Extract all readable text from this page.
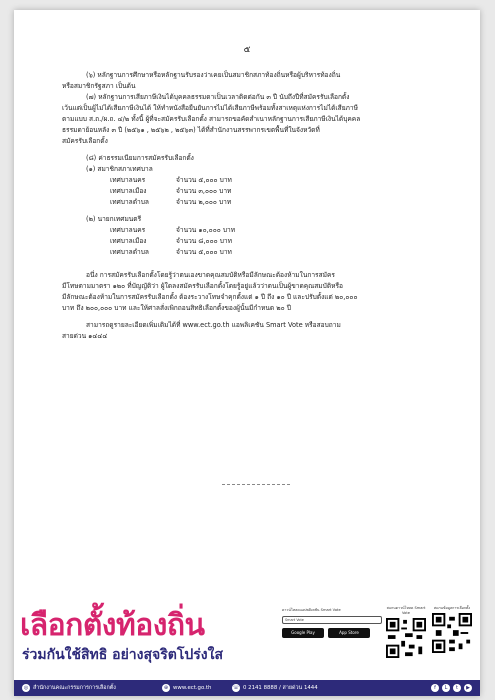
๕

(๖) หลักฐานการศึกษาหรือหลักฐานรับรองว่าเคยเป็นสมาชิกสภาท้องถิ่นหรือผู้บริหารท้องถิ่น

หรือสมาชิกรัฐสภา เป็นต้น

(๗) หลักฐานการเสียภาษีเงินได้บุคคลธรรมดาเป็นเวลาติดต่อกัน ๓ ปี นับถึงปีที่สมัครรับเลือกตั้ง

เว้นแต่เป็นผู้ไม่ได้เสียภาษีเงินได้ ให้ทำหนังสือยืนยันการไม่ได้เสียภาษีพร้อมทั้งสาเหตุแห่งการไม่ได้เสียภาษี

ตามแบบ ส.ถ./ผ.ถ. ๔/๒ ทั้งนี้ ผู้ที่จะสมัครรับเลือกตั้ง สามารถขอคัดสำเนาหลักฐานการเสียภาษีเงินได้บุคคล

ธรรมดาย้อนหลัง ๓ ปี (๒๕๖๑ , ๒๕๖๒ , ๒๕๖๓) ได้ที่สำนักงานสรรพากรเขตพื้นที่ในจังหวัดที่

สมัครรับเลือกตั้ง

(๘) ค่าธรรมเนียมการสมัครรับเลือกตั้ง

(๑) สมาชิกสภาเทศบาล

เทศบาลนคร	จำนวน ๕,๐๐๐ บาท
เทศบาลเมือง	จำนวน ๓,๐๐๐ บาท
เทศบาลตำบล	จำนวน ๒,๐๐๐ บาท

(๒) นายกเทศมนตรี

เทศบาลนคร	จำนวน ๑๐,๐๐๐ บาท
เทศบาลเมือง	จำนวน ๘,๐๐๐ บาท
เทศบาลตำบล	จำนวน ๕,๐๐๐ บาท

อนึ่ง การสมัครรับเลือกตั้งโดยรู้ว่าตนเองขาดคุณสมบัติหรือมีลักษณะต้องห้ามในการสมัคร

มีโทษตามมาตรา ๑๒๐ ที่บัญญัติว่า ผู้ใดลงสมัครรับเลือกตั้งโดยรู้อยู่แล้วว่าตนเป็นผู้ขาดคุณสมบัติหรือ

มีลักษณะต้องห้ามในการสมัครรับเลือกตั้ง ต้องระวางโทษจำคุกตั้งแต่ ๑ ปี ถึง ๑๐ ปี และปรับตั้งแต่ ๒๐,๐๐๐

บาท ถึง ๒๐๐,๐๐๐ บาท และให้ศาลสั่งเพิกถอนสิทธิเลือกตั้งของผู้นั้นมีกำหนด ๒๐ ปี

สามารถดูรายละเอียดเพิ่มเติมได้ที่ www.ect.go.th แอพลิเคชัน Smart Vote หรือสอบถาม

สายด่วน ๑๔๔๔

เลือกตั้งท้องถิ่น
ร่วมกันใช้สิทธิ อย่างสุจริตโปร่งใส
ดาวน์โหลดแอปพลิเคชัน Smart Vote
Smart Vote
Google Play	App Store
สแกนดาวน์โหลด Smart Vote
สแกนข้อมูลการเลือกตั้ง
◎ สำนักงานคณะกรรมการการเลือกตั้ง	⊕ www.ect.go.th	☏ 0 2141 8888 / สายด่วน 1444	f	L	t	▶
